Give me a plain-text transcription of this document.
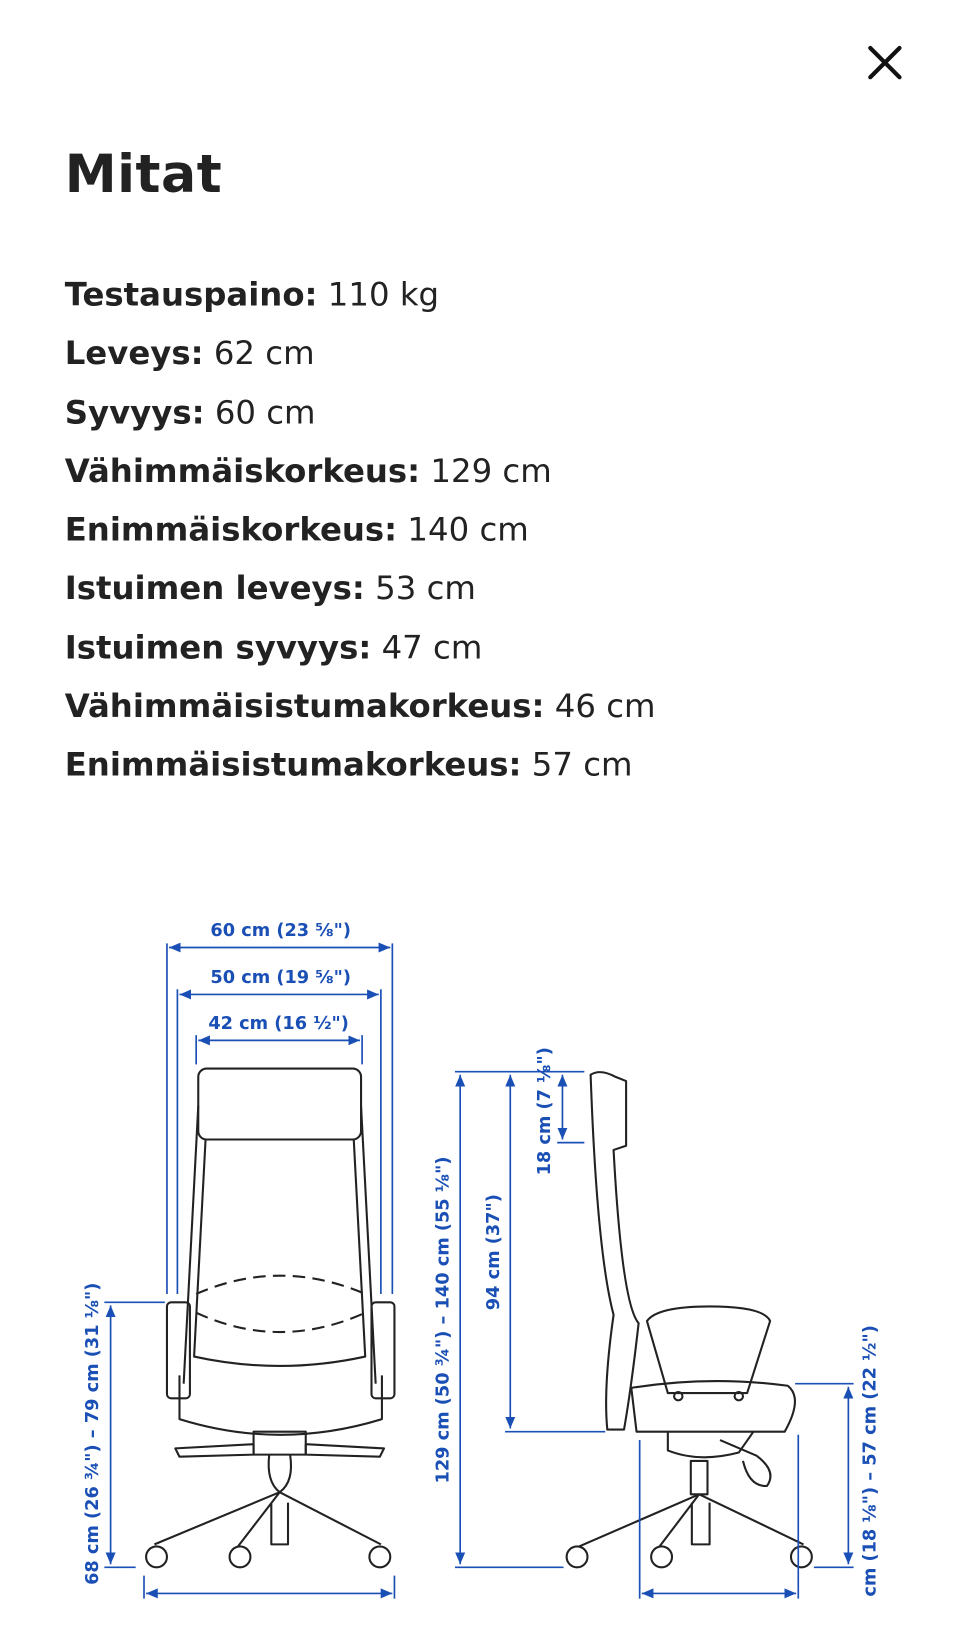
Mitat
Testauspaino: 110 kg
Leveys: 62 cm
Syvyys: 60 cm
Vähimmäiskorkeus: 129 cm
Enimmäiskorkeus: 140 cm
Istuimen leveys: 53 cm
Istuimen syvyys: 47 cm
Vähimmäisistumakorkeus: 46 cm
Enimmäisistumakorkeus: 57 cm
60 cm (23 ⅝")
50 cm (19 ⅝")
42 cm (16 ½")
68 cm (26 ¾") – 79 cm (31 ⅛")	129 cm (50 ¾") – 140 cm (55 ⅛") 94 cm (37")
18 cm (7 ⅛")
cm (18 ⅛") – 57 cm (22 ½")
